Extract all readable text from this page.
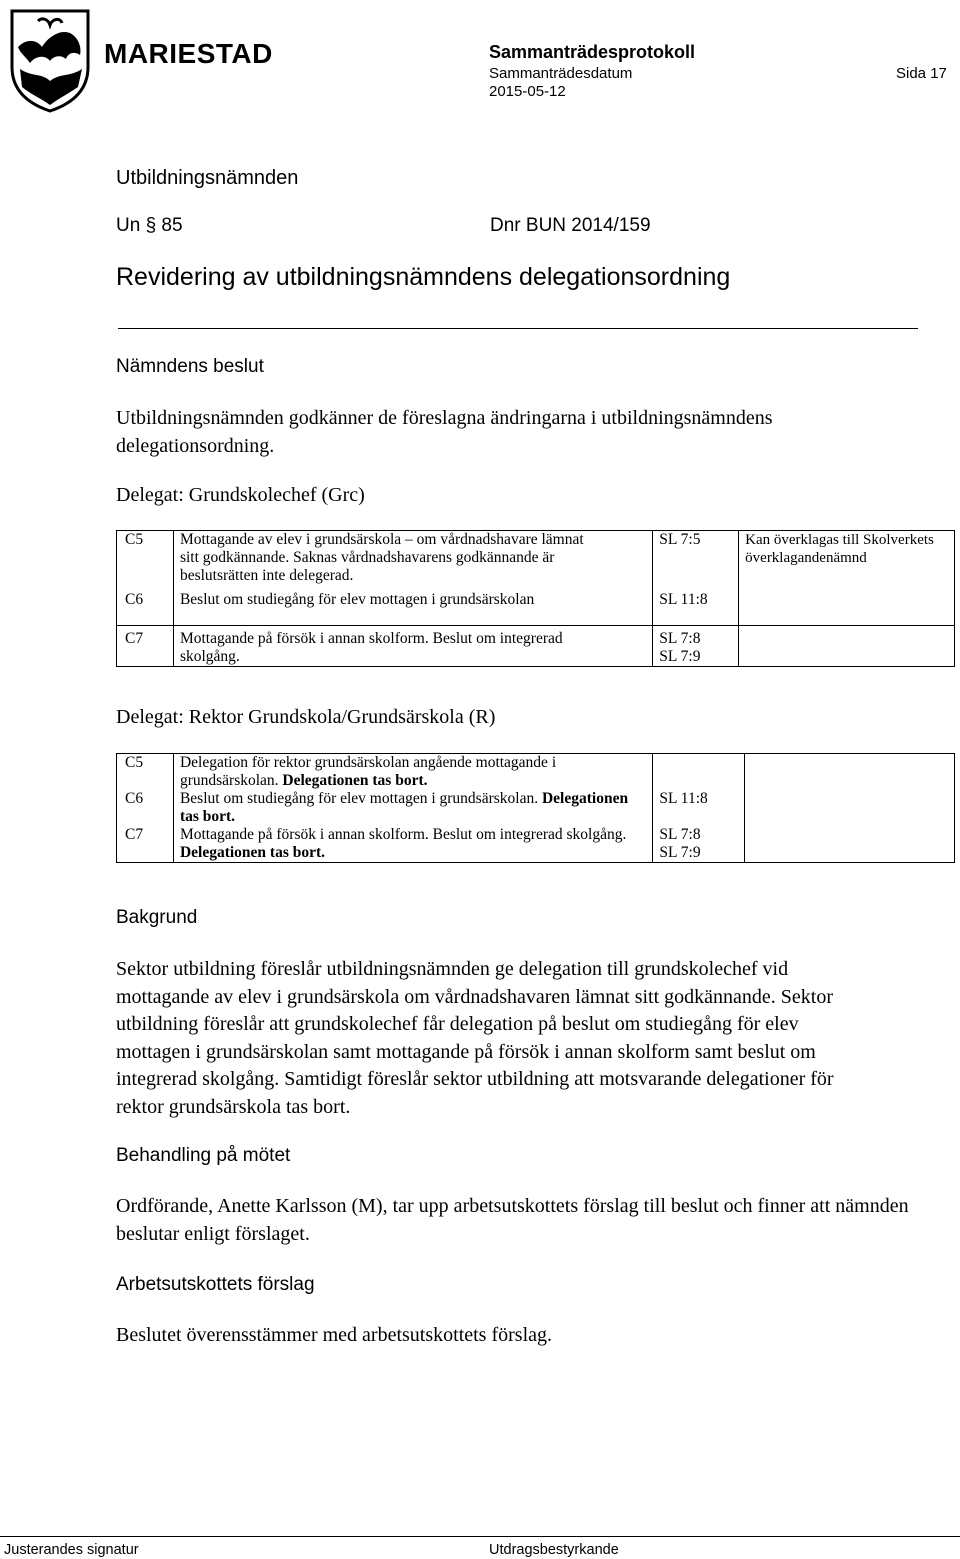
MARIESTAD	Sammanträdesprotokoll
Sammanträdesdatum
2015-05-12
Sida 17
Utbildningsnämnden
Un § 85	Dnr BUN 2014/159
Revidering av utbildningsnämndens delegationsordning
Nämndens beslut
Utbildningsnämnden godkänner de föreslagna ändringarna i utbildningsnämndens delegationsordning.
Delegat: Grundskolechef (Grc)
C5	Mottagande av elev i grundsärskola – om vårdnadshavare lämnat sitt godkännande. Saknas vårdnadshavarens godkännande är beslutsrätten inte delegerad.	SL 7:5	Kan överklagas till Skolverkets överklagandenämnd
C6	Beslut om studiegång för elev mottagen i grundsärskolan	SL 11:8	
C7	Mottagande på försök i annan skolform. Beslut om integrerad skolgång.	SL 7:8
SL 7:9	
Delegat: Rektor Grundskola/Grundsärskola (R)
C5	Delegation för rektor grundsärskolan angående mottagande i grundsärskolan. Delegationen tas bort.		
C6	Beslut om studiegång för elev mottagen i grundsärskolan. Delegationen tas bort.	SL 11:8	
C7	Mottagande på försök i annan skolform. Beslut om integrerad skolgång. Delegationen tas bort.	SL 7:8
SL 7:9	
Bakgrund
Sektor utbildning föreslår utbildningsnämnden ge delegation till grundskolechef vid mottagande av elev i grundsärskola om vårdnadshavaren lämnat sitt godkännande. Sektor utbildning föreslår att grundskolechef får delegation på beslut om studiegång för elev mottagen i grundsärskolan samt mottagande på försök i annan skolform samt beslut om integrerad skolgång. Samtidigt föreslår sektor utbildning att motsvarande delegationer för rektor grundsärskola tas bort.
Behandling på mötet
Ordförande, Anette Karlsson (M), tar upp arbetsutskottets förslag till beslut och finner att nämnden beslutar enligt förslaget.
Arbetsutskottets förslag
Beslutet överensstämmer med arbetsutskottets förslag.
Justerandes signatur	Utdragsbestyrkande
